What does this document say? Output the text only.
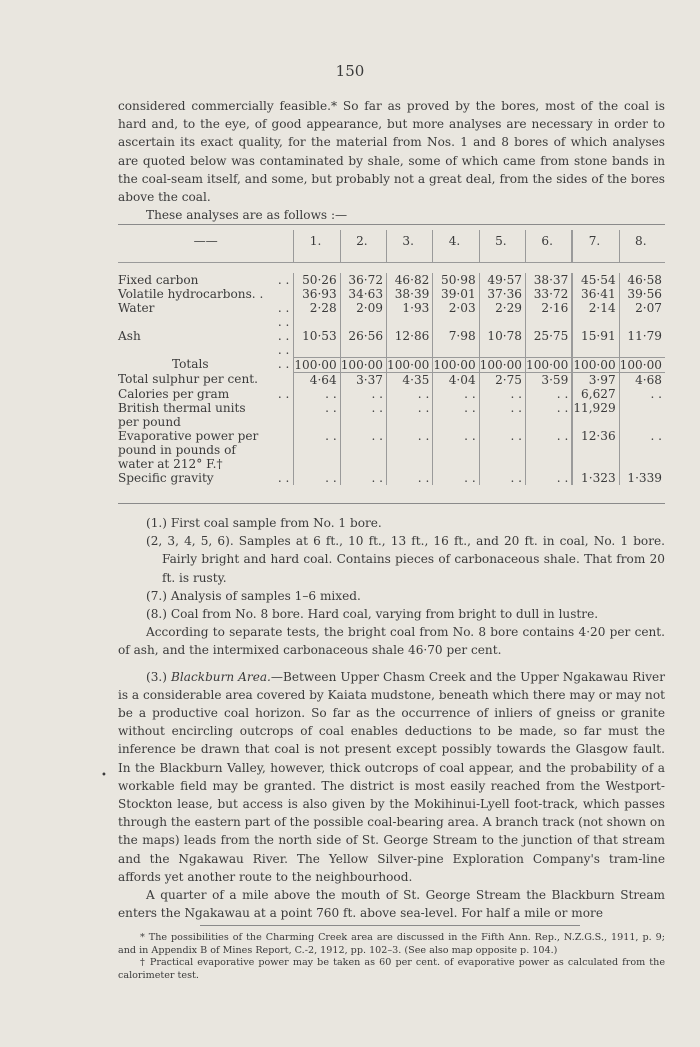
150

considered commercially feasible.* So far as proved by the bores, most of the coal is hard and, to the eye, of good appearance, but more analyses are necessary in order to ascertain its exact quality, for the material from Nos. 1 and 8 bores of which analyses are quoted below was contaminated by shale, some of which came from stone bands in the coal-seam itself, and some, but probably not a great deal, from the sides of the bores above the coal.

These analyses are as follows :—

——		1.	2.	3.	4.	5.	6.	7.	8.

Fixed carbon	. .	50·26	36·72	46·82	50·98	49·57	38·37	45·54	46·58
Volatile hydrocarbons. .		36·93	34·63	38·39	39·01	37·36	33·72	36·41	39·56
Water	. . . .	2·28	2·09	1·93	2·03	2·29	2·16	2·14	2·07
Ash	. . . .	10·53	26·56	12·86	7·98	10·78	25·75	15·91	11·79
Totals	. .	100·00	100·00	100·00	100·00	100·00	100·00	100·00	100·00
Total sulphur per cent.		4·64	3·37	4·35	4·04	2·75	3·59	3·97	4·68
Calories per gram	. .	. .	. .	. .	. .	. .	. .	6,627	. .
British thermal units per pound		. .	. .	. .	. .	. .	. .	11,929	
Evaporative power per pound in pounds of water at 212° F.†		. .	. .	. .	. .	. .	. .	12·36	. .
Specific gravity	. .	. .	. .	. .	. .	. .	. .	1·323	1·339

(1.) First coal sample from No. 1 bore.

(2, 3, 4, 5, 6). Samples at 6 ft., 10 ft., 13 ft., 16 ft., and 20 ft. in coal, No. 1 bore. Fairly bright and hard coal. Contains pieces of carbonaceous shale. That from 20 ft. is rusty.

(7.) Analysis of samples 1–6 mixed.

(8.) Coal from No. 8 bore. Hard coal, varying from bright to dull in lustre.

According to separate tests, the bright coal from No. 8 bore contains 4·20 per cent. of ash, and the intermixed carbonaceous shale 46·70 per cent.

(3.) Blackburn Area.—Between Upper Chasm Creek and the Upper Ngakawau River is a considerable area covered by Kaiata mudstone, beneath which there may or may not be a productive coal horizon. So far as the occurrence of inliers of gneiss or granite without encircling outcrops of coal enables deductions to be made, so far must the inference be drawn that coal is not present except possibly towards the Glasgow fault. In the Blackburn Valley, however, thick outcrops of coal appear, and the probability of a workable field may be granted. The district is most easily reached from the Westport-Stockton lease, but access is also given by the Mokihinui-Lyell foot-track, which passes through the eastern part of the possible coal-bearing area. A branch track (not shown on the maps) leads from the north side of St. George Stream to the junction of that stream and the Ngakawau River. The Yellow Silver-pine Exploration Company's tram-line affords yet another route to the neighbourhood.

A quarter of a mile above the mouth of St. George Stream the Blackburn Stream enters the Ngakawau at a point 760 ft. above sea-level. For half a mile or more

•

* The possibilities of the Charming Creek area are discussed in the Fifth Ann. Rep., N.Z.G.S., 1911, p. 9; and in Appendix B of Mines Report, C.-2, 1912, pp. 102–3. (See also map opposite p. 104.)

† Practical evaporative power may be taken as 60 per cent. of evaporative power as calculated from the calorimeter test.
